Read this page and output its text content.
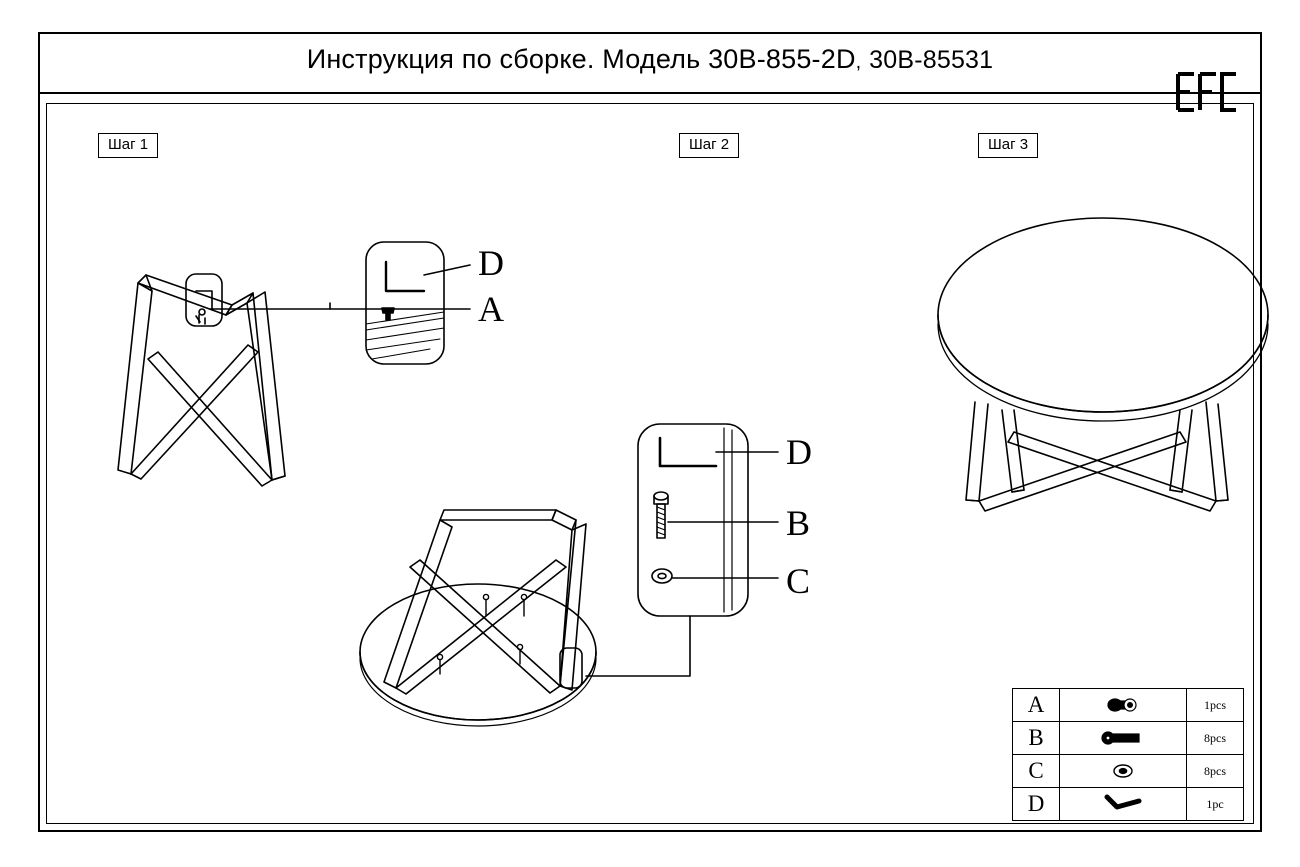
Инструкция по сборке. Модель 30B-855-2D, 30B-85531
Шаг 1	Шаг 2	Шаг 3
D
A
D
B
C
A		1pcs
B		8pcs
C		8pcs
D		1pc
